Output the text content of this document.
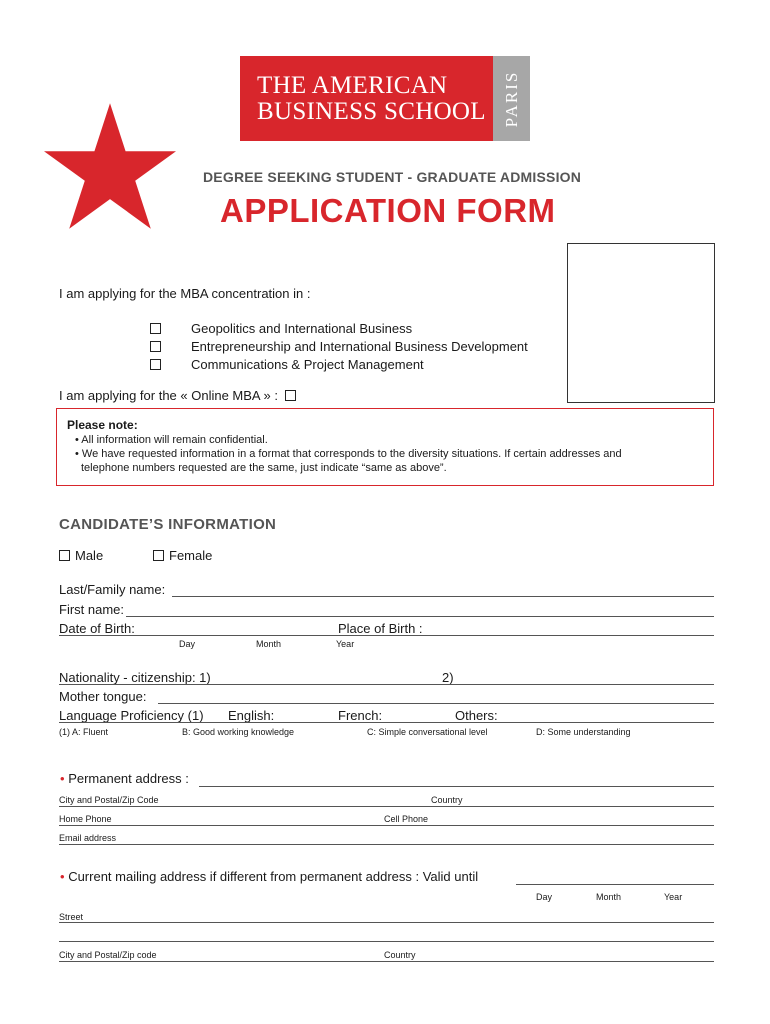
THE AMERICAN
BUSINESS SCHOOL PARIS
DEGREE SEEKING STUDENT - GRADUATE ADMISSION
APPLICATION FORM
I am applying for the MBA concentration in :
Geopolitics and International Business
Entrepreneurship and International Business Development
Communications & Project Management
I am applying for the « Online MBA » :
Please note:
• All information will remain confidential.
• We have requested information in a format that corresponds to the diversity situations. If certain addresses and
telephone numbers requested are the same, just indicate “same as above”.
CANDIDATE’S INFORMATION
Male	Female
Last/Family name:
First name:
Date of Birth:	Place of Birth :
Day	Month	Year
Nationality - citizenship: 1)	2)
Mother tongue:
Language Proficiency (1) English:	French:	Others:
(1) A: Fluent	B: Good working knowledge	C: Simple conversational level	D: Some understanding
• Permanent address :
City and Postal/Zip Code	Country
Home Phone	Cell Phone
Email address
• Current mailing address if different from permanent address : Valid until
Day	Month	Year
Street
City and Postal/Zip code	Country
